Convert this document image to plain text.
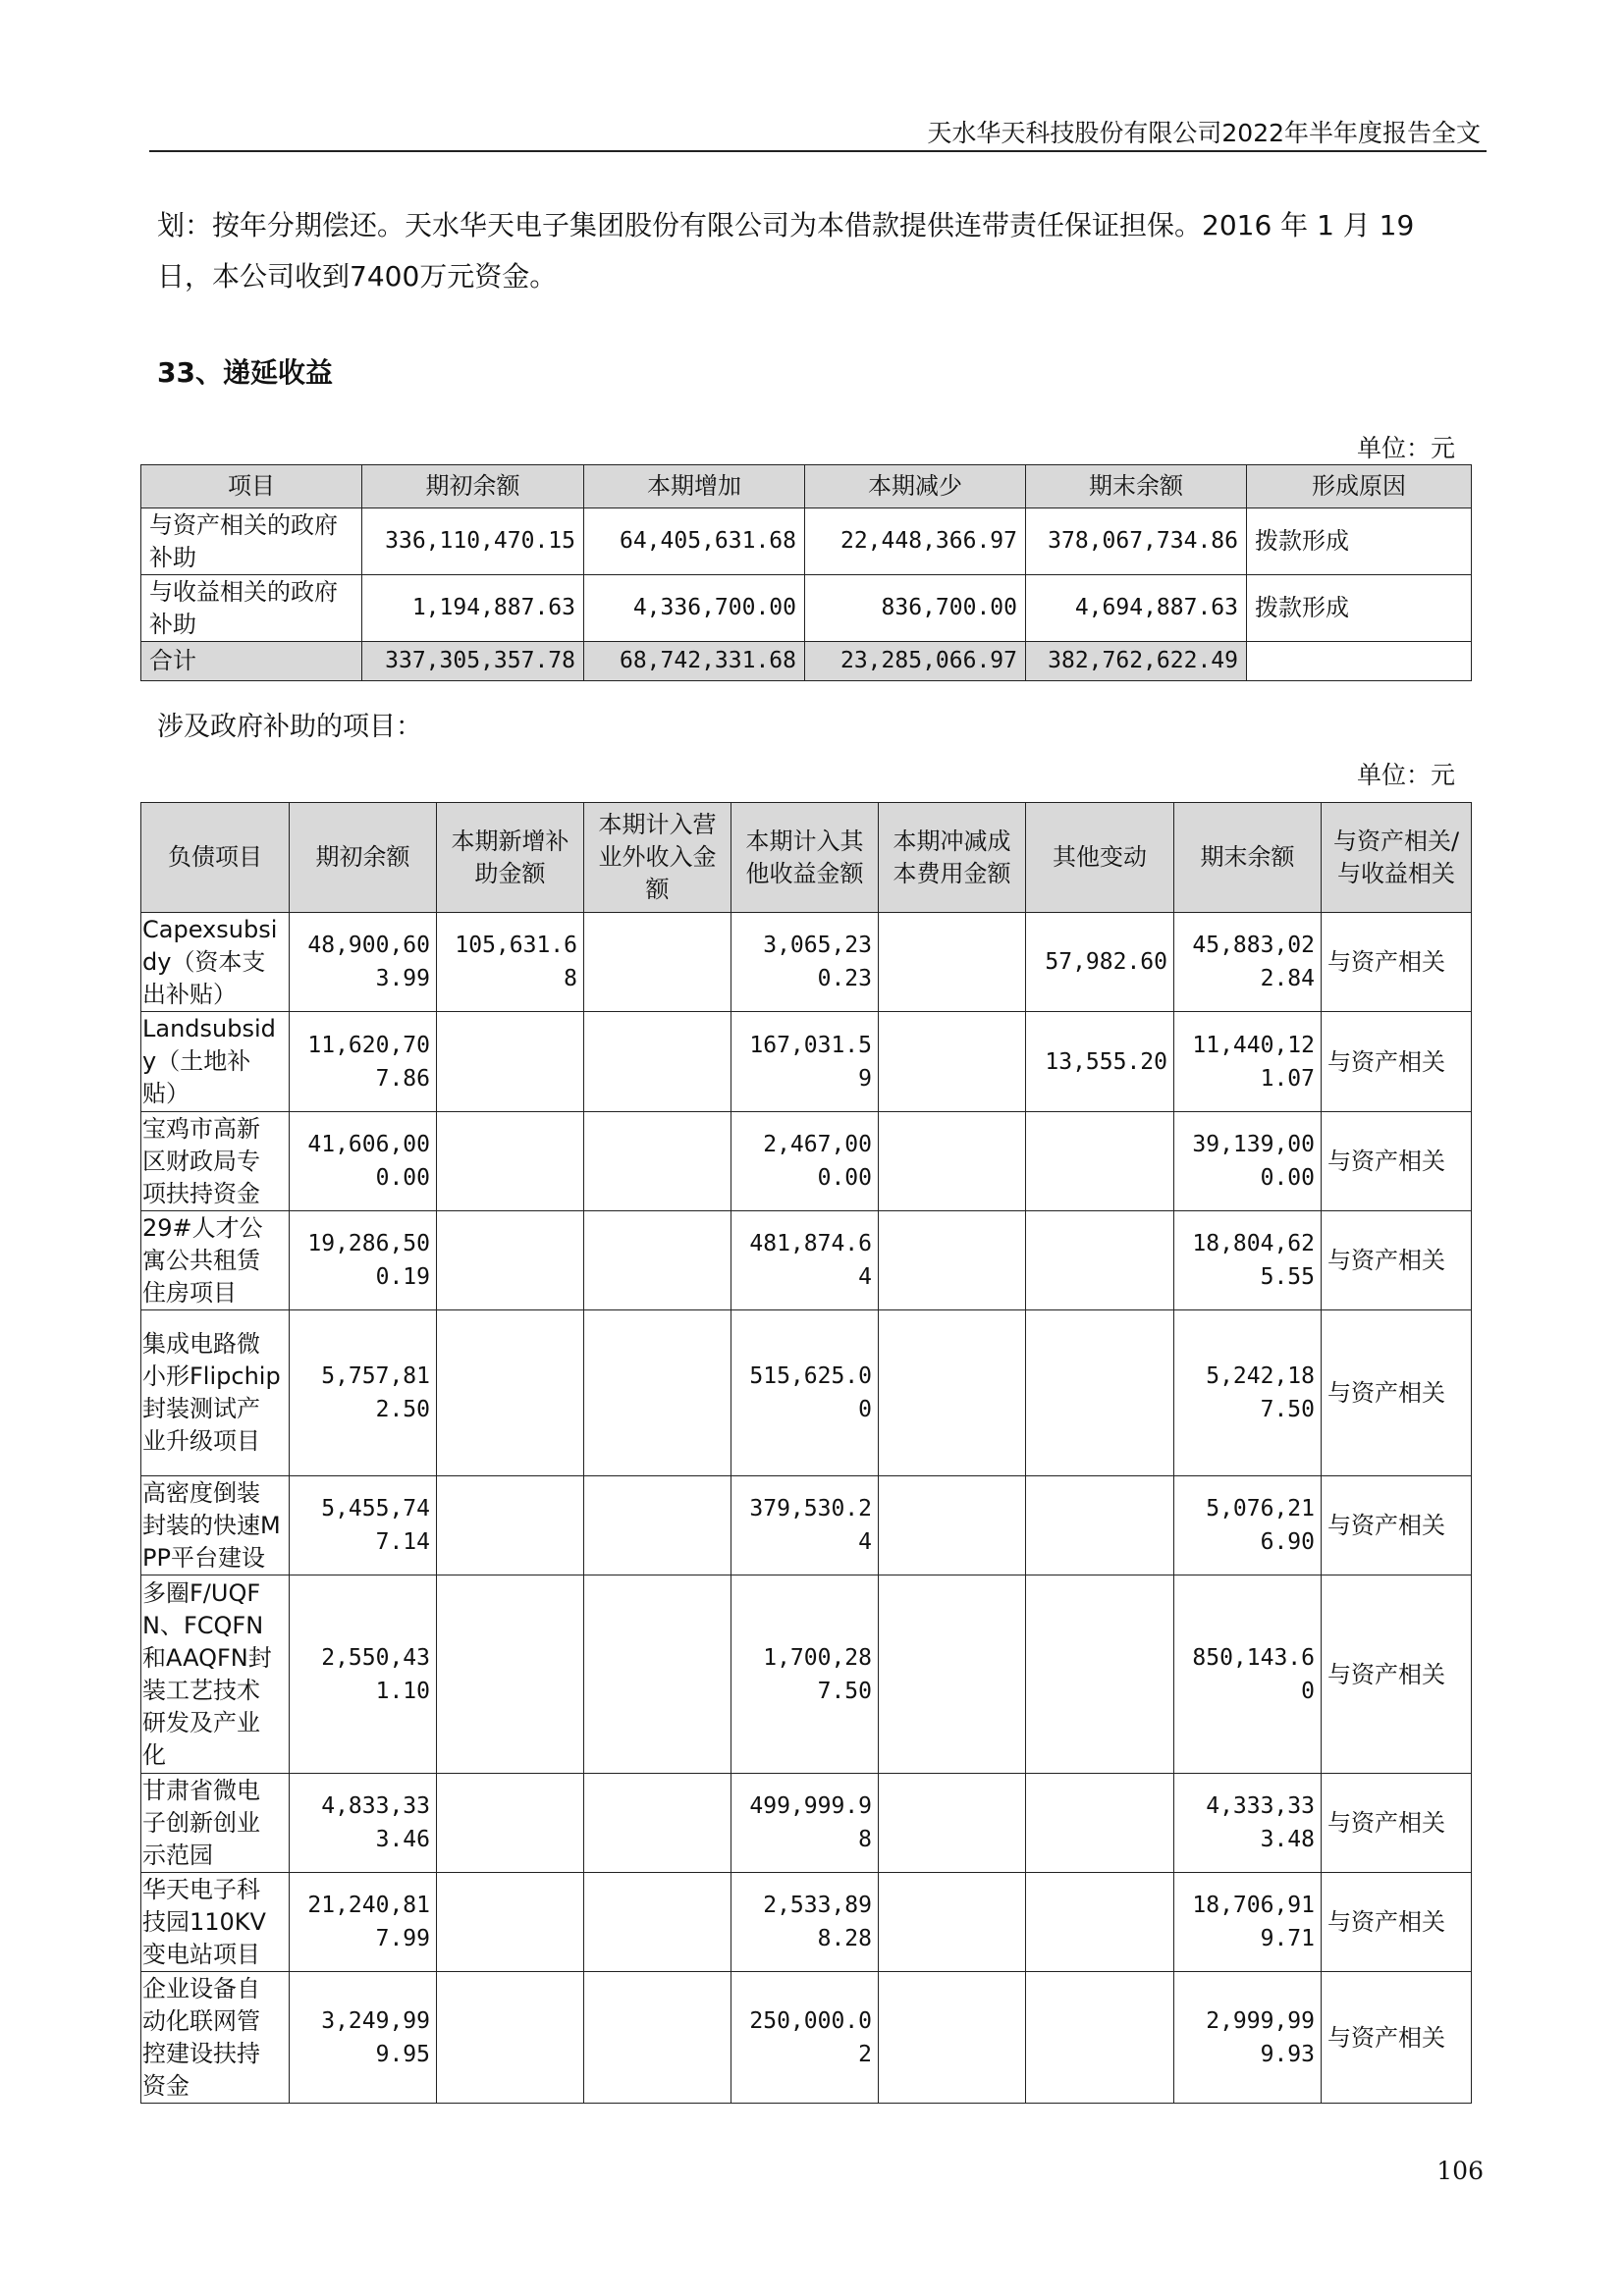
天水华天科技股份有限公司2022年半年度报告全文
划：按年分期偿还。天水华天电子集团股份有限公司为本借款提供连带责任保证担保。2016 年 1 月 19
日，本公司收到7400万元资金。
33、递延收益
单位：元
项目	期初余额	本期增加	本期减少	期末余额	形成原因
与资产相关的政府补助	336,110,470.15	64,405,631.68	22,448,366.97	378,067,734.86	拨款形成
与收益相关的政府补助	1,194,887.63	4,336,700.00	836,700.00	4,694,887.63	拨款形成
合计	337,305,357.78	68,742,331.68	23,285,066.97	382,762,622.49	
涉及政府补助的项目：
单位：元
负债项目	期初余额	本期新增补助金额	本期计入营业外收入金额	本期计入其他收益金额	本期冲减成本费用金额	其他变动	期末余额	与资产相关/与收益相关
Capexsubsidy（资本支出补贴）	48,900,603.99	105,631.68		3,065,230.23		57,982.60	45,883,022.84	与资产相关
Landsubsidy（土地补贴）	11,620,707.86			167,031.59		13,555.20	11,440,121.07	与资产相关
宝鸡市高新区财政局专项扶持资金	41,606,000.00			2,467,000.00			39,139,000.00	与资产相关
29#人才公寓公共租赁住房项目	19,286,500.19			481,874.64			18,804,625.55	与资产相关
集成电路微小形Flipchip封装测试产业升级项目	5,757,812.50			515,625.00			5,242,187.50	与资产相关
高密度倒装封装的快速MPP平台建设	5,455,747.14			379,530.24			5,076,216.90	与资产相关
多圈F/UQFN、FCQFN和AAQFN封装工艺技术研发及产业化	2,550,431.10			1,700,287.50			850,143.60	与资产相关
甘肃省微电子创新创业示范园	4,833,333.46			499,999.98			4,333,333.48	与资产相关
华天电子科技园110KV变电站项目	21,240,817.99			2,533,898.28			18,706,919.71	与资产相关
企业设备自动化联网管控建设扶持资金	3,249,999.95			250,000.02			2,999,999.93	与资产相关
106
